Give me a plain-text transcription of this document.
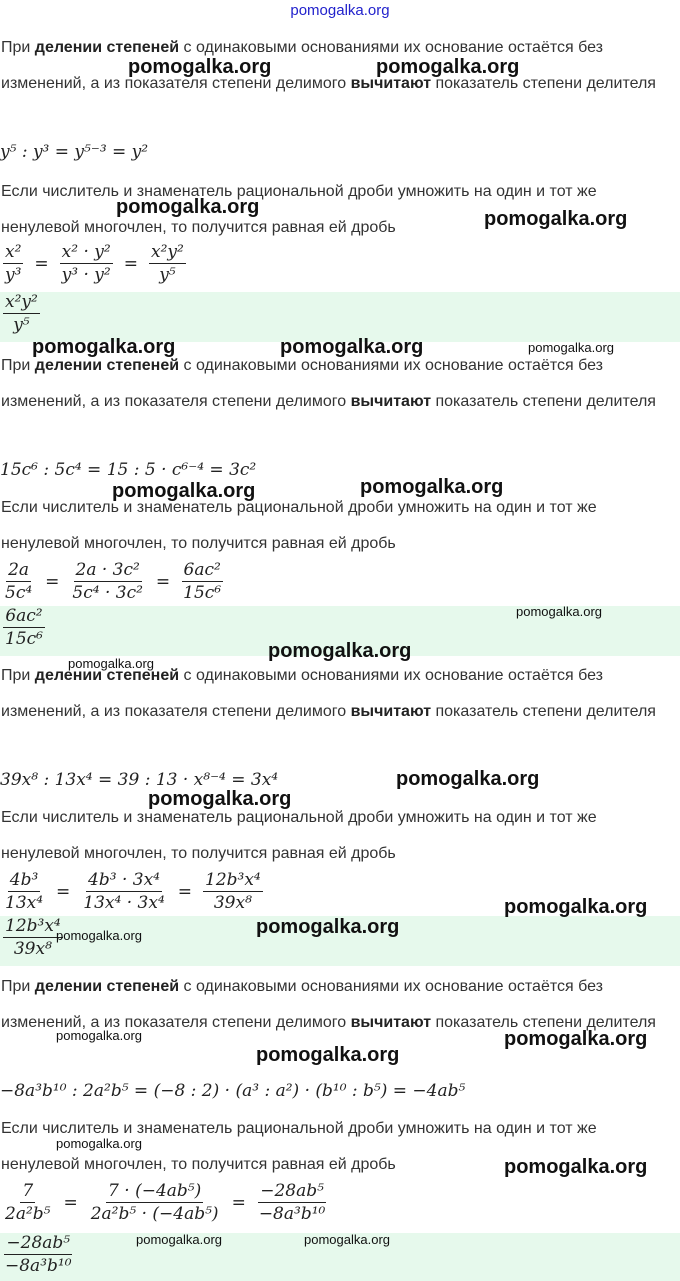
pomogalka.org
При делении степеней с одинаковыми основаниями их основание остаётся без изменений, а из показателя степени делимого вычитают показатель степени делителя
y⁵ : y³ = y⁵⁻³ = y²
Если числитель и знаменатель рациональной дроби умножить на один и тот же ненулевой многочлен, то получится равная ей дробь
$\frac{\text{x²}}{\text{y³}} = \frac{\text{x² · y²}}{\text{y³ · y²}} = \frac{\text{x²y²}}{\text{y⁵}}$
$\frac{\text{x²y²}}{\text{y⁵}}$
При делении степеней с одинаковыми основаниями их основание остаётся без изменений, а из показателя степени делимого вычитают показатель степени делителя
15c⁶ : 5c⁴ = 15 : 5 · c⁶⁻⁴ = 3c²
Если числитель и знаменатель рациональной дроби умножить на один и тот же ненулевой многочлен, то получится равная ей дробь
$\frac{2a}{\text{5c⁴}} = \frac{\text{2a · 3c²}}{\text{5c⁴ · 3c²}} = \frac{\text{6ac²}}{\text{15c⁶}}$
$\frac{\text{6ac²}}{\text{15c⁶}}$
При делении степеней с одинаковыми основаниями их основание остаётся без изменений, а из показателя степени делимого вычитают показатель степени делителя
39x⁸ : 13x⁴ = 39 : 13 · x⁸⁻⁴ = 3x⁴
Если числитель и знаменатель рациональной дроби умножить на один и тот же ненулевой многочлен, то получится равная ей дробь
$\frac{\text{4b³}}{\text{13x⁴}} = \frac{\text{4b³ · 3x⁴}}{\text{13x⁴ · 3x⁴}} = \frac{\text{12b³x⁴}}{\text{39x⁸}}$
$\frac{\text{12b³x⁴}}{\text{39x⁸}}$
При делении степеней с одинаковыми основаниями их основание остаётся без изменений, а из показателя степени делимого вычитают показатель степени делителя
−8a³b¹⁰ : 2a²b⁵ = (−8 : 2) · (a³ : a²) · (b¹⁰ : b⁵) = −4ab⁵
Если числитель и знаменатель рациональной дроби умножить на один и тот же ненулевой многочлен, то получится равная ей дробь
$\frac{7}{\text{2a²b⁵}} = \frac{\text{7 · (−4ab⁵)}}{\text{2a²b⁵ · (−4ab⁵)}} = \frac{\text{−28ab⁵}}{\text{−8a³b¹⁰}}$
$\frac{\text{−28ab⁵}}{\text{−8a³b¹⁰}}$
pomogalka.org	pomogalka.org
pomogalka.org
pomogalka.org
pomogalka.org	pomogalka.org	pomogalka.org
pomogalka.org	pomogalka.org
pomogalka.org
pomogalka.org
pomogalka.org
pomogalka.org
pomogalka.org
pomogalka.org
pomogalka.org
pomogalka.org
pomogalka.org	pomogalka.org
pomogalka.org
pomogalka.org
pomogalka.org
pomogalka.org	pomogalka.org
